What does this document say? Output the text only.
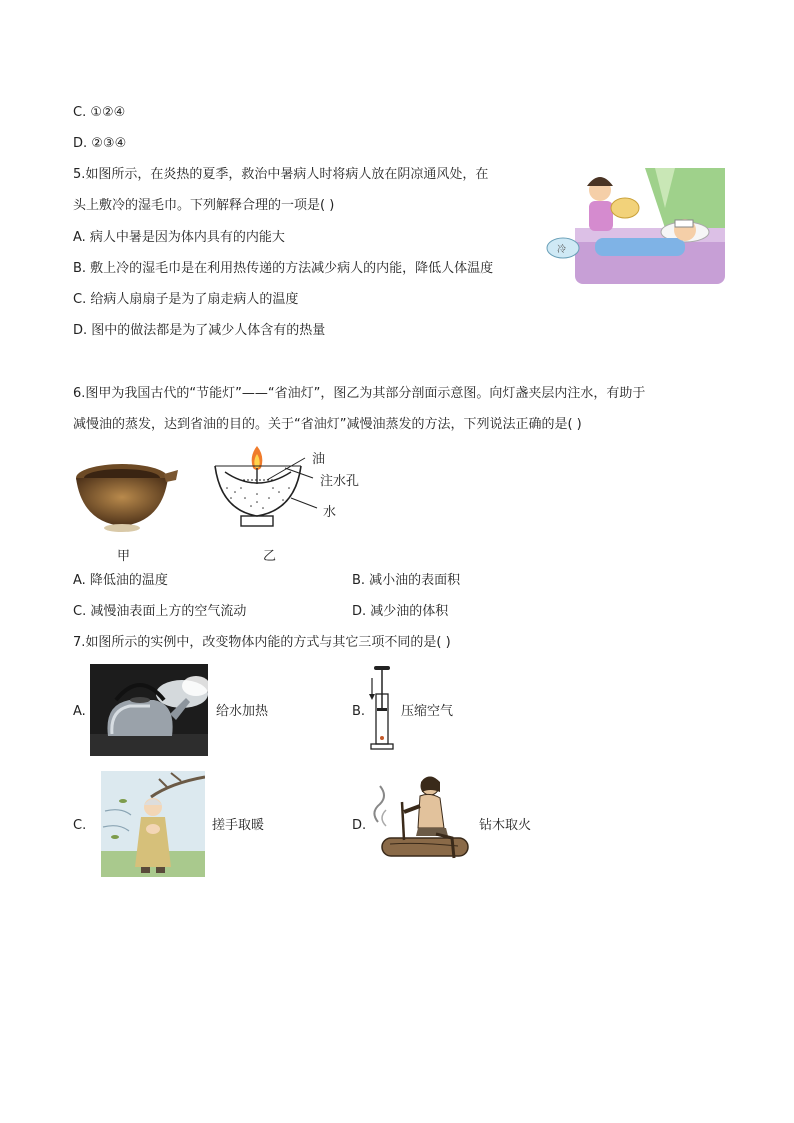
C. ①②④
D. ②③④
5.如图所示，在炎热的夏季，救治中暑病人时将病人放在阴凉通风处，在
头上敷冷的湿毛巾。下列解释合理的一项是( )
A. 病人中暑是因为体内具有的内能大
B. 敷上冷的湿毛巾是在利用热传递的方法减少病人的内能，降低人体温度
C. 给病人扇扇子是为了扇走病人的温度
D. 图中的做法都是为了减少人体含有的热量
冷
6.图甲为我国古代的“节能灯”——“省油灯”，图乙为其部分剖面示意图。向灯盏夹层内注水，有助于
减慢油的蒸发，达到省油的目的。关于“省油灯”减慢油蒸发的方法，下列说法正确的是( )
甲
油
注水孔
水
乙
A. 降低油的温度	B. 减小油的表面积
C. 减慢油表面上方的空气流动	D. 减少油的体积
7.如图所示的实例中，改变物体内能的方式与其它三项不同的是( )
A.	给水加热	B.	压缩空气
C.	搓手取暖	D.	钻木取火
